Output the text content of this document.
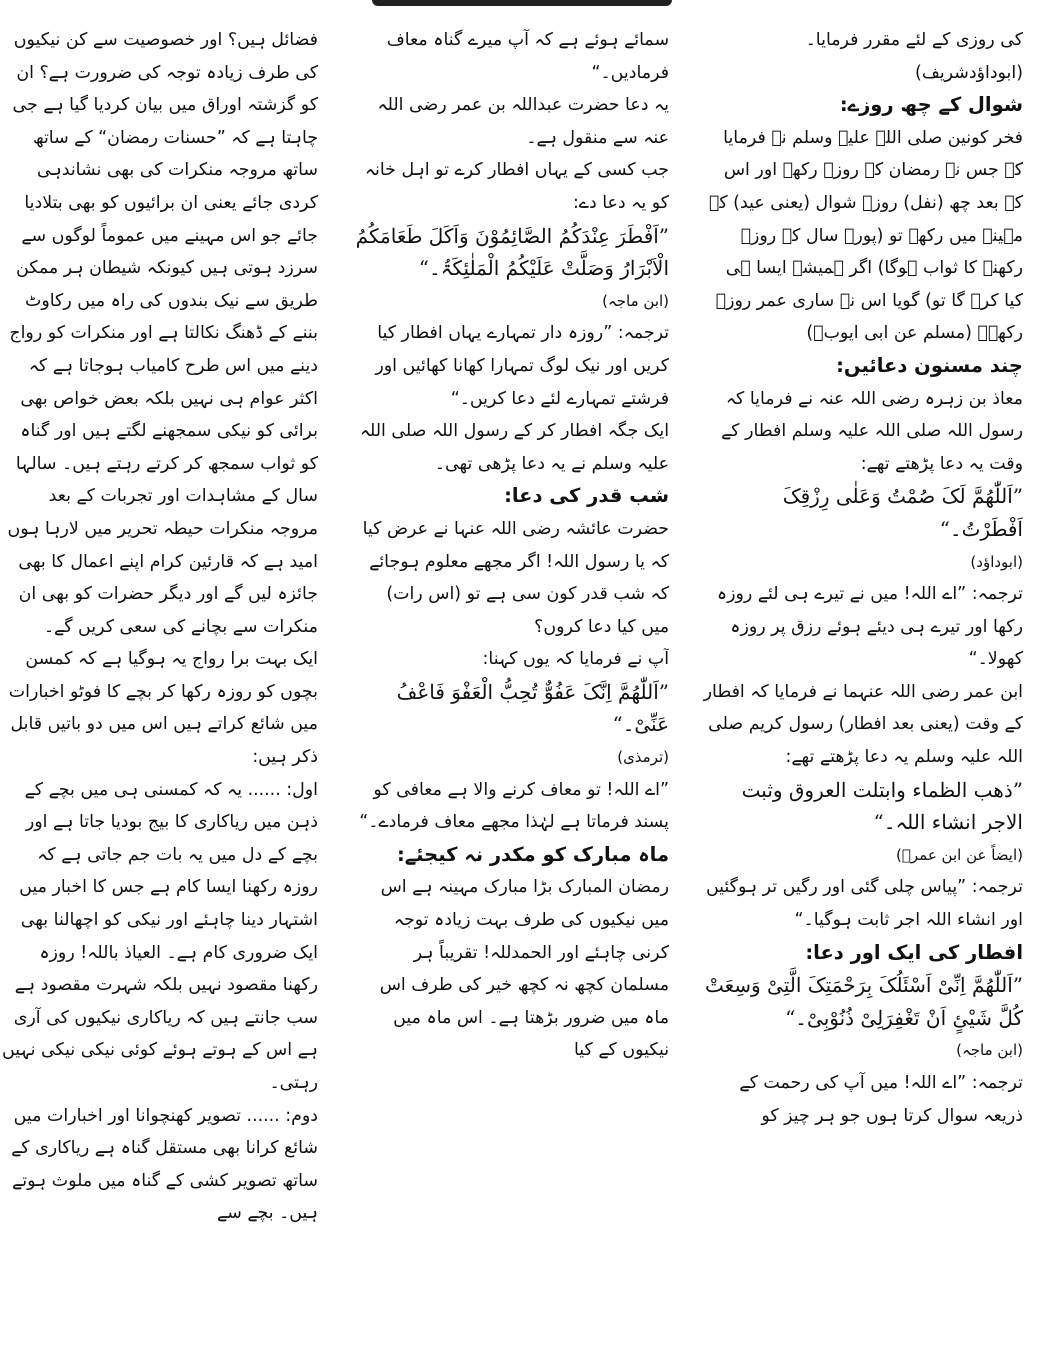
کی روزی کے لئے مقرر فرمایا۔ (ابوداؤدشریف)

شوال کے چھ روزے:

فخر کونین صلی اللہ علیہ وسلم نے فرمایا کہ جس نے رمضان کے روزے رکھے اور اس کے بعد چھ (نفل) روزے شوال (یعنی عید) کے مہینہ میں رکھے تو (پورے سال کے روزے رکھنے کا ثواب ہوگا) اگر ہمیشہ ایسا ہی کیا کرے گا تو) گویا اس نے ساری عمر روزے رکھے۔ (مسلم عن ابی ایوبؓ)

چند مسنون دعائیں:

معاذ بن زہرہ رضی اللہ عنہ نے فرمایا کہ رسول اللہ صلی اللہ علیہ وسلم افطار کے وقت یہ دعا پڑھتے تھے:

”اَللّٰھُمَّ لَکَ صُمْتُ وَعَلٰی رِزْقِکَ اَفْطَرْتُ۔“

(ابوداؤد)

ترجمہ: ”اے اللہ! میں نے تیرے ہی لئے روزہ رکھا اور تیرے ہی دیئے ہوئے رزق پر روزہ کھولا۔“

ابن عمر رضی اللہ عنہما نے فرمایا کہ افطار کے وقت (یعنی بعد افطار) رسول کریم صلی اللہ علیہ وسلم یہ دعا پڑھتے تھے:

”ذھب الظماء وابتلت العروق وثبت الاجر انشاء اللہ۔“

(ایضاً عن ابن عمرؓ)

ترجمہ: ”پیاس چلی گئی اور رگیں تر ہوگئیں اور انشاء اللہ اجر ثابت ہوگیا۔“

افطار کی ایک اور دعا:

”اَللّٰھُمَّ اِنِّیْ اَسْئَلُکَ بِرَحْمَتِکَ الَّتِیْ وَسِعَتْ کُلَّ شَیْئٍ اَنْ تَغْفِرَلِیْ ذُنُوْبِیْ۔“

(ابن ماجہ)

ترجمہ: ”اے اللہ! میں آپ کی رحمت کے ذریعہ سوال کرتا ہوں جو ہر چیز کو

سمائے ہوئے ہے کہ آپ میرے گناہ معاف فرمادیں۔“

یہ دعا حضرت عبداللہ بن عمر رضی اللہ عنہ سے منقول ہے۔

جب کسی کے یہاں افطار کرے تو اہل خانہ کو یہ دعا دے:

”اَفْطَرَ عِنْدَکُمُ الصَّائِمُوْنَ وَاَکَلَ طَعَامَکُمُ الْاَبْرَارُ وَصَلَّتْ عَلَیْکُمُ الْمَلٰئِکَۃُ۔“

(ابن ماجہ)

ترجمہ: ”روزہ دار تمہارے یہاں افطار کیا کریں اور نیک لوگ تمہارا کھانا کھائیں اور فرشتے تمہارے لئے دعا کریں۔“

ایک جگہ افطار کر کے رسول اللہ صلی اللہ علیہ وسلم نے یہ دعا پڑھی تھی۔

شب قدر کی دعا:

حضرت عائشہ رضی اللہ عنہا نے عرض کیا کہ یا رسول اللہ! اگر مجھے معلوم ہوجائے کہ شب قدر کون سی ہے تو (اس رات) میں کیا دعا کروں؟

آپ نے فرمایا کہ یوں کہنا:

”اَللّٰھُمَّ اِنَّکَ عَفُوٌّ تُحِبُّ الْعَفْوَ فَاعْفُ عَنِّیْ۔“

(ترمذی)

”اے اللہ! تو معاف کرنے والا ہے معافی کو پسند فرماتا ہے لہٰذا مجھے معاف فرمادے۔“

ماہ مبارک کو مکدر نہ کیجئے:

رمضان المبارک بڑا مبارک مہینہ ہے اس میں نیکیوں کی طرف بہت زیادہ توجہ کرنی چاہئے اور الحمدللہ! تقریباً ہر مسلمان کچھ نہ کچھ خیر کی طرف اس ماہ میں ضرور بڑھتا ہے۔ اس ماہ میں نیکیوں کے کیا

فضائل ہیں؟ اور خصوصیت سے کن نیکیوں کی طرف زیادہ توجہ کی ضرورت ہے؟ ان کو گزشتہ اوراق میں بیان کردیا گیا ہے جی چاہتا ہے کہ ”حسنات رمضان“ کے ساتھ ساتھ مروجہ منکرات کی بھی نشاندہی کردی جائے یعنی ان برائیوں کو بھی بتلادیا جائے جو اس مہینے میں عموماً لوگوں سے سرزد ہوتی ہیں کیونکہ شیطان ہر ممکن طریق سے نیک بندوں کی راہ میں رکاوٹ بننے کے ڈھنگ نکالتا ہے اور منکرات کو رواج دینے میں اس طرح کامیاب ہوجاتا ہے کہ اکثر عوام ہی نہیں بلکہ بعض خواص بھی برائی کو نیکی سمجھنے لگتے ہیں اور گناہ کو ثواب سمجھ کر کرتے رہتے ہیں۔ سالہا سال کے مشاہدات اور تجربات کے بعد مروجہ منکرات حیطہ تحریر میں لارہا ہوں امید ہے کہ قارئین کرام اپنے اعمال کا بھی جائزہ لیں گے اور دیگر حضرات کو بھی ان منکرات سے بچانے کی سعی کریں گے۔

ایک بہت برا رواج یہ ہوگیا ہے کہ کمسن بچوں کو روزہ رکھا کر بچے کا فوٹو اخبارات میں شائع کراتے ہیں اس میں دو باتیں قابل ذکر ہیں:

اول: ...... یہ کہ کمسنی ہی میں بچے کے ذہن میں ریاکاری کا بیج بودیا جاتا ہے اور بچے کے دل میں یہ بات جم جاتی ہے کہ روزہ رکھنا ایسا کام ہے جس کا اخبار میں اشتہار دینا چاہئے اور نیکی کو اچھالنا بھی ایک ضروری کام ہے۔ العیاذ باللہ! روزہ رکھنا مقصود نہیں بلکہ شہرت مقصود ہے سب جانتے ہیں کہ ریاکاری نیکیوں کی آری ہے اس کے ہوتے ہوئے کوئی نیکی نیکی نہیں رہتی۔

دوم: ...... تصویر کھنچوانا اور اخبارات میں شائع کرانا بھی مستقل گناہ ہے ریاکاری کے ساتھ تصویر کشی کے گناہ میں ملوث ہوتے ہیں۔ بچے سے
